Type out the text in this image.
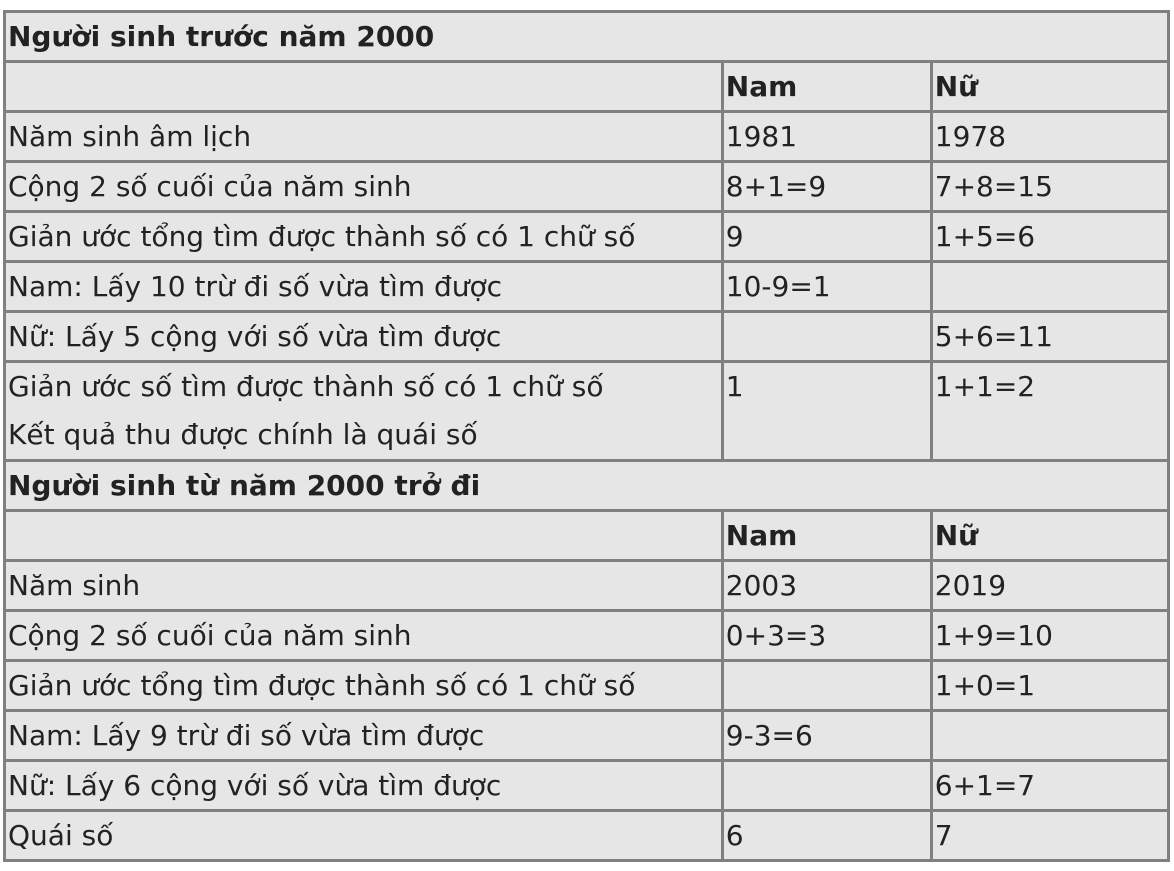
Người sinh trước năm 2000		
	Nam	Nữ
Năm sinh âm lịch	1981	1978
Cộng 2 số cuối của năm sinh	8+1=9	7+8=15
Giản ước tổng tìm được thành số có 1 chữ số	9	1+5=6
Nam: Lấy 10 trừ đi số vừa tìm được	10-9=1	
Nữ: Lấy 5 cộng với số vừa tìm được		5+6=11

Giản ước số tìm được thành số có 1 chữ số
Kết quả thu được chính là quái số	1	1+1=2
Người sinh từ năm 2000 trở đi		
	Nam	Nữ
Năm sinh	2003	2019
Cộng 2 số cuối của năm sinh	0+3=3	1+9=10
Giản ước tổng tìm được thành số có 1 chữ số		1+0=1
Nam: Lấy 9 trừ đi số vừa tìm được	9-3=6	
Nữ: Lấy 6 cộng với số vừa tìm được		6+1=7
Quái số	6	7
